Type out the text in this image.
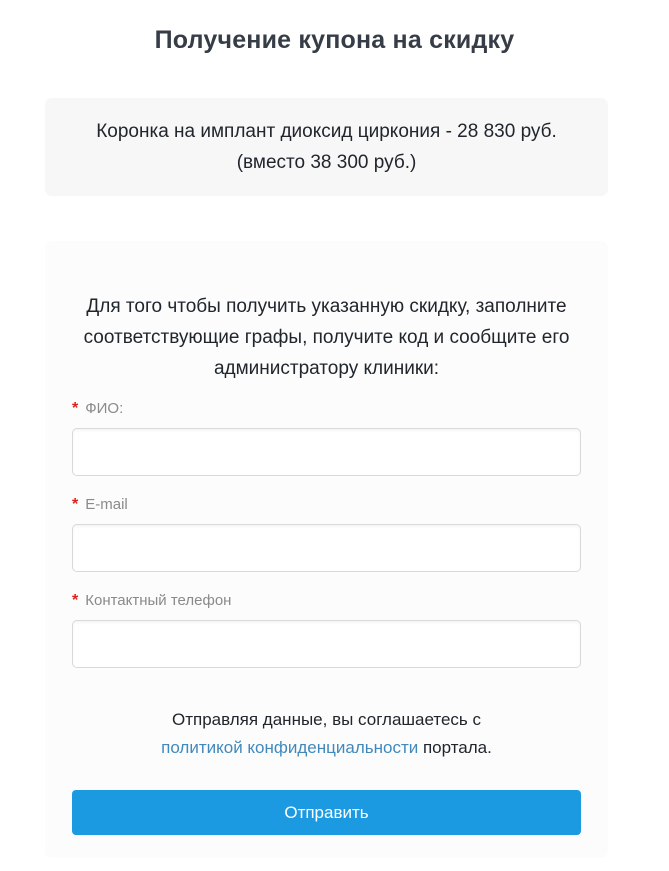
Получение купона на скидку
Коронка на имплант диоксид циркония - 28 830 руб.
(вместо 38 300 руб.)

Для того чтобы получить указанную скидку, заполните соответствующие графы, получите код и сообщите его администратору клиники:

* ФИО:
* E-mail
* Контактный телефон

Отправляя данные, вы соглашаетесь с
политикой конфиденциальности портала.

Отправить
